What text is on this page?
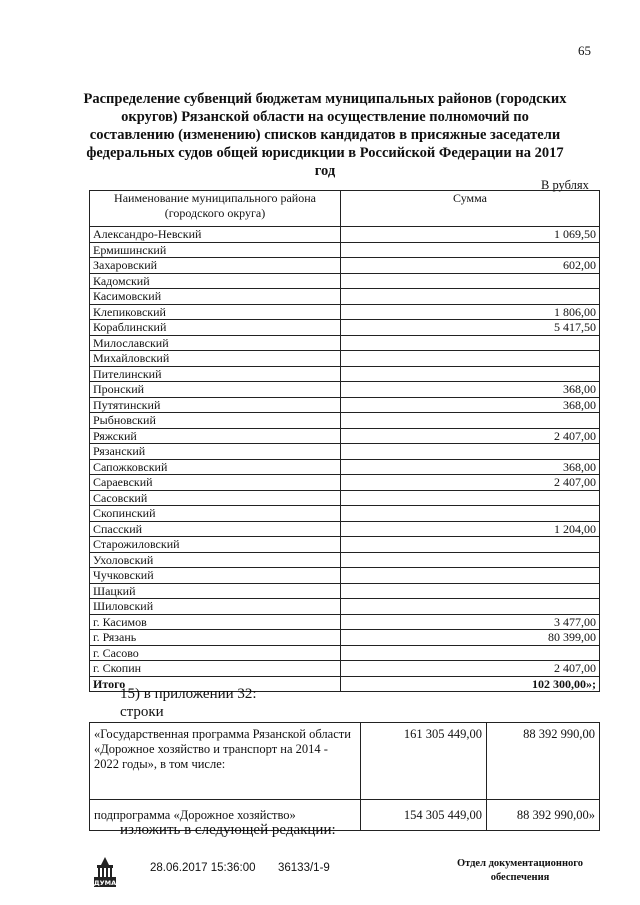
65
Распределение субвенций бюджетам муниципальных районов (городских округов) Рязанской области на осуществление полномочий по составлению (изменению) списков кандидатов в присяжные заседатели федеральных судов общей юрисдикции в Российской Федерации на 2017 год
В рублях
Наименование муниципального района (городского округа)	Сумма
Александро-Невский	1 069,50
Ермишинский	
Захаровский	602,00
Кадомский	
Касимовский	
Клепиковский	1 806,00
Кораблинский	5 417,50
Милославский	
Михайловский	
Пителинский	
Пронский	368,00
Путятинский	368,00
Рыбновский	
Ряжский	2 407,00
Рязанский	
Сапожковский	368,00
Сараевский	2 407,00
Сасовский	
Скопинский	
Спасский	1 204,00
Старожиловский	
Ухоловский	
Чучковский	
Шацкий	
Шиловский	
г. Касимов	3 477,00
г. Рязань	80 399,00
г. Сасово	
г. Скопин	2 407,00
Итого	102 300,00»;
15) в приложении 32:
строки
«Государственная программа Рязанской области «Дорожное хозяйство и транспорт на 2014 - 2022 годы», в том числе:	161 305 449,00	88 392 990,00
подпрограмма «Дорожное хозяйство»	154 305 449,00	88 392 990,00»
изложить в следующей редакции:
ДУМА
28.06.2017 15:36:00 36133/1-9	Отдел документационного обеспечения
